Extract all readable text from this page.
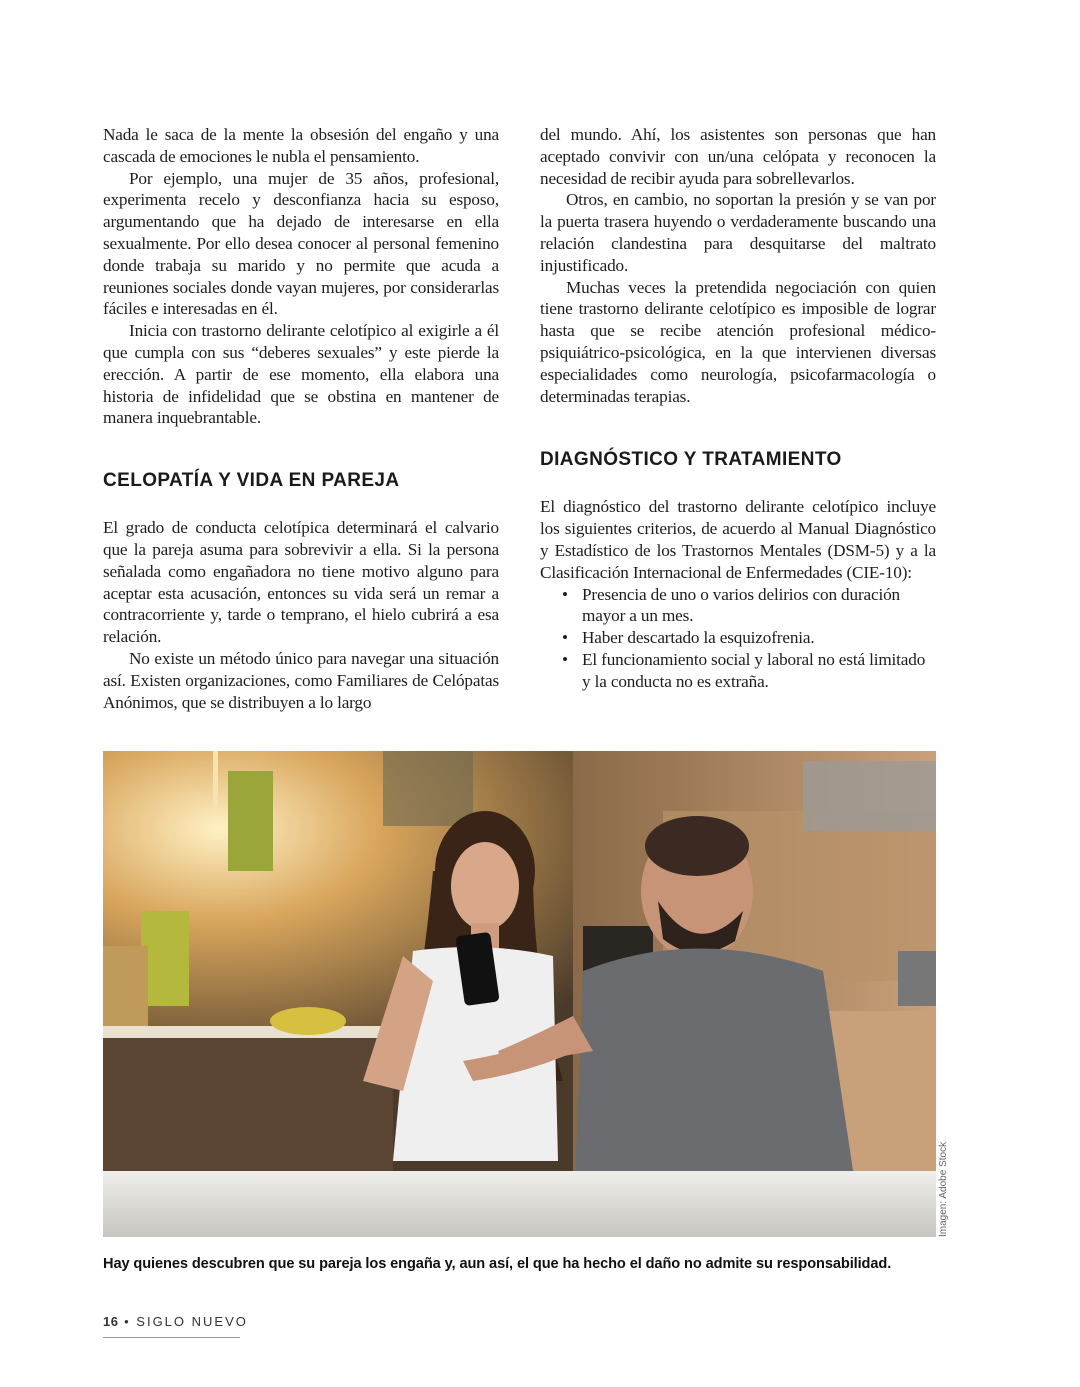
Nada le saca de la mente la obsesión del engaño y una cascada de emociones le nubla el pensamiento.

Por ejemplo, una mujer de 35 años, profesional, experimenta recelo y desconfianza hacia su esposo, argumentando que ha dejado de interesarse en ella sexualmente. Por ello desea conocer al personal femenino donde trabaja su marido y no permite que acuda a reuniones sociales donde vayan mujeres, por considerarlas fáciles e interesadas en él.

Inicia con trastorno delirante celotípico al exigirle a él que cumpla con sus “deberes sexuales” y este pierde la erección. A partir de ese momento, ella elabora una historia de infidelidad que se obstina en mantener de manera inquebrantable.

CELOPATÍA Y VIDA EN PAREJA

El grado de conducta celotípica determinará el calvario que la pareja asuma para sobrevivir a ella. Si la persona señalada como engañadora no tiene motivo alguno para aceptar esta acusación, entonces su vida será un remar a contracorriente y, tarde o temprano, el hielo cubrirá a esa relación.

No existe un método único para navegar una situación así. Existen organizaciones, como Familiares de Celópatas Anónimos, que se distribuyen a lo largo

del mundo. Ahí, los asistentes son personas que han aceptado convivir con un/una celópata y reconocen la necesidad de recibir ayuda para sobrellevarlos.

Otros, en cambio, no soportan la presión y se van por la puerta trasera huyendo o verdaderamente buscando una relación clandestina para desquitarse del maltrato injustificado.

Muchas veces la pretendida negociación con quien tiene trastorno delirante celotípico es imposible de lograr hasta que se recibe atención profesional médico-psiquiátrico-psicológica, en la que intervienen diversas especialidades como neurología, psicofarmacología o determinadas terapias.

DIAGNÓSTICO Y TRATAMIENTO

El diagnóstico del trastorno delirante celotípico incluye los siguientes criterios, de acuerdo al Manual Diagnóstico y Estadístico de los Trastornos Mentales (DSM-5) y a la Clasificación Internacional de Enfermedades (CIE-10):

• Presencia de uno o varios delirios con duración mayor a un mes.
• Haber descartado la esquizofrenia.
• El funcionamiento social y laboral no está limitado y la conducta no es extraña.
Imagen: Adobe Stock
Hay quienes descubren que su pareja los engaña y, aun así, el que ha hecho el daño no admite su responsabilidad.
16 • SIGLO NUEVO
